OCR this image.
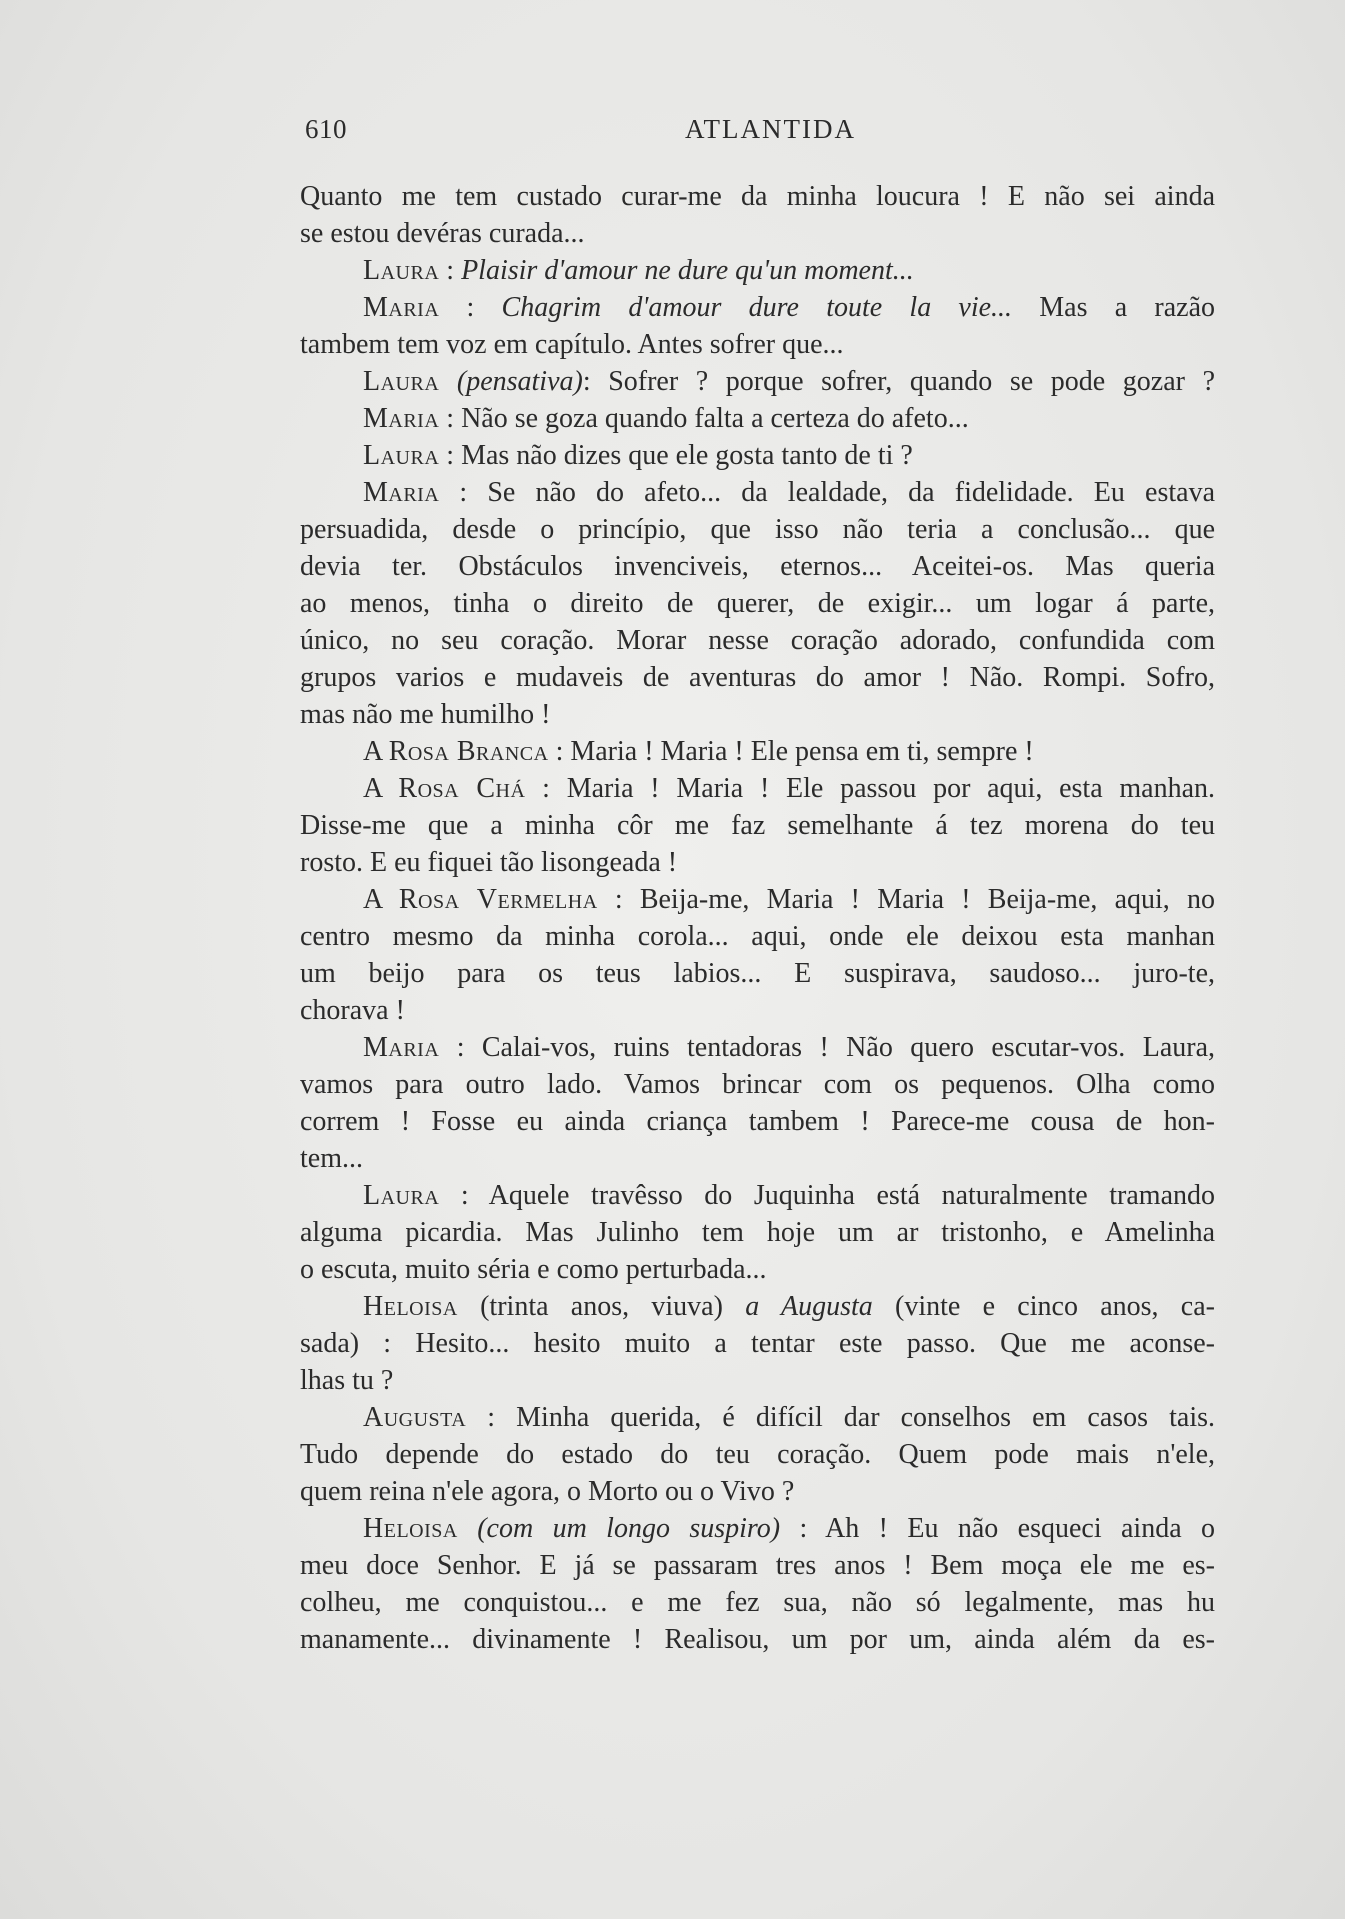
610	ATLANTIDA
Quanto me tem custado curar-me da minha loucura ! E não sei ainda
se estou devéras curada...
Laura : Plaisir d'amour ne dure qu'un moment...
Maria : Chagrim d'amour dure toute la vie... Mas a razão
tambem tem voz em capítulo. Antes sofrer que...
Laura (pensativa): Sofrer ? porque sofrer, quando se pode gozar ?
Maria : Não se goza quando falta a certeza do afeto...
Laura : Mas não dizes que ele gosta tanto de ti ?
Maria : Se não do afeto... da lealdade, da fidelidade. Eu estava
persuadida, desde o princípio, que isso não teria a conclusão... que
devia ter. Obstáculos invenciveis, eternos... Aceitei-os. Mas queria
ao menos, tinha o direito de querer, de exigir... um logar á parte,
único, no seu coração. Morar nesse coração adorado, confundida com
grupos varios e mudaveis de aventuras do amor ! Não. Rompi. Sofro,
mas não me humilho !
A Rosa Branca : Maria ! Maria ! Ele pensa em ti, sempre !
A Rosa Chá : Maria ! Maria ! Ele passou por aqui, esta manhan.
Disse-me que a minha côr me faz semelhante á tez morena do teu
rosto. E eu fiquei tão lisongeada !
A Rosa Vermelha : Beija-me, Maria ! Maria ! Beija-me, aqui, no
centro mesmo da minha corola... aqui, onde ele deixou esta manhan
um beijo para os teus labios... E suspirava, saudoso... juro-te,
chorava !
Maria : Calai-vos, ruins tentadoras ! Não quero escutar-vos. Laura,
vamos para outro lado. Vamos brincar com os pequenos. Olha como
correm ! Fosse eu ainda criança tambem ! Parece-me cousa de hon-
tem...
Laura : Aquele travêsso do Juquinha está naturalmente tramando
alguma picardia. Mas Julinho tem hoje um ar tristonho, e Amelinha
o escuta, muito séria e como perturbada...
Heloisa (trinta anos, viuva) a Augusta (vinte e cinco anos, ca-
sada) : Hesito... hesito muito a tentar este passo. Que me aconse-
lhas tu ?
Augusta : Minha querida, é difícil dar conselhos em casos tais.
Tudo depende do estado do teu coração. Quem pode mais n'ele,
quem reina n'ele agora, o Morto ou o Vivo ?
Heloisa (com um longo suspiro) : Ah ! Eu não esqueci ainda o
meu doce Senhor. E já se passaram tres anos ! Bem moça ele me es-
colheu, me conquistou... e me fez sua, não só legalmente, mas hu
manamente... divinamente ! Realisou, um por um, ainda além da es-
